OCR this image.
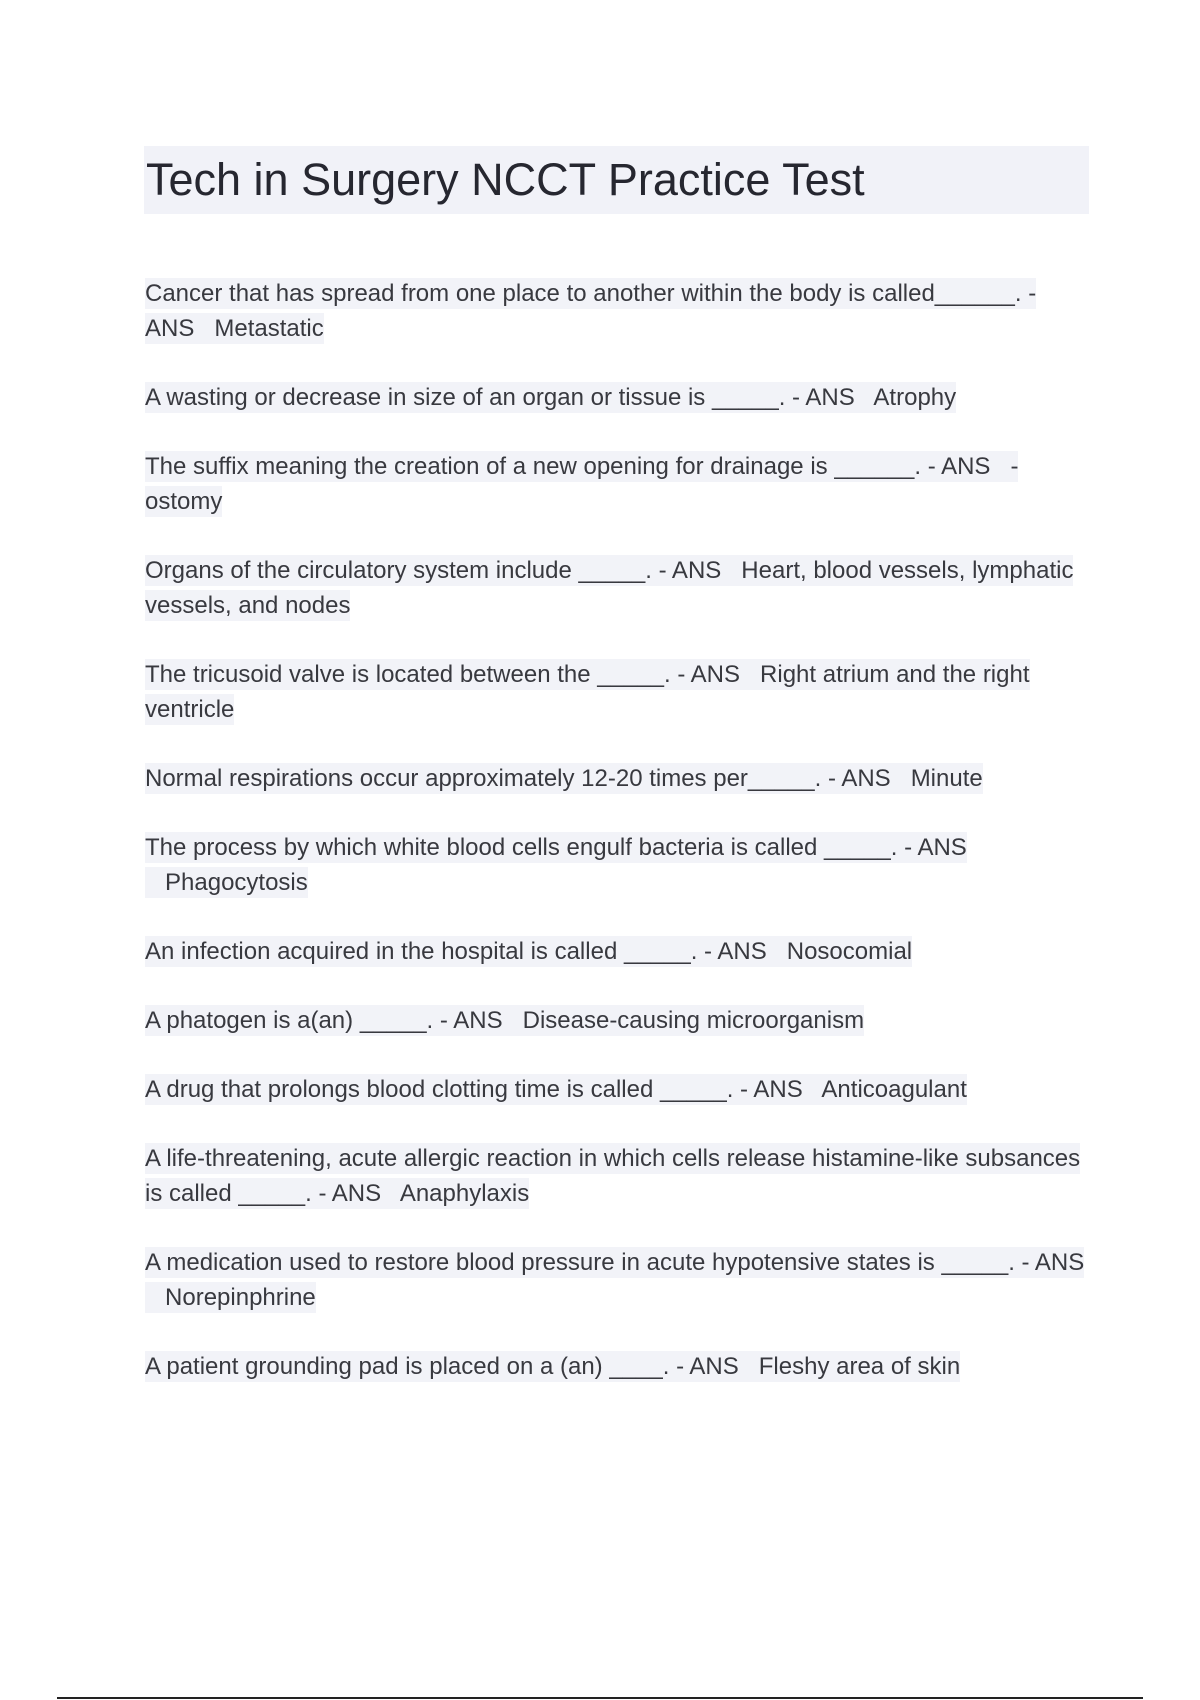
Tech in Surgery NCCT Practice Test
Cancer that has spread from one place to another within the body is called______. - ANS Metastatic
A wasting or decrease in size of an organ or tissue is _____. - ANS Atrophy
The suffix meaning the creation of a new opening for drainage is ______. - ANS -ostomy
Organs of the circulatory system include _____. - ANS Heart, blood vessels, lymphatic vessels, and nodes
The tricusoid valve is located between the _____. - ANS Right atrium and the right ventricle
Normal respirations occur approximately 12-20 times per_____. - ANS Minute
The process by which white blood cells engulf bacteria is called _____. - ANS   Phagocytosis
An infection acquired in the hospital is called _____. - ANS Nosocomial
A phatogen is a(an) _____. - ANS Disease-causing microorganism
A drug that prolongs blood clotting time is called _____. - ANS Anticoagulant
A life-threatening, acute allergic reaction in which cells release histamine-like subsances is called _____. - ANS Anaphylaxis
A medication used to restore blood pressure in acute hypotensive states is _____. - ANS   Norepinphrine
A patient grounding pad is placed on a (an) ____. - ANS Fleshy area of skin
